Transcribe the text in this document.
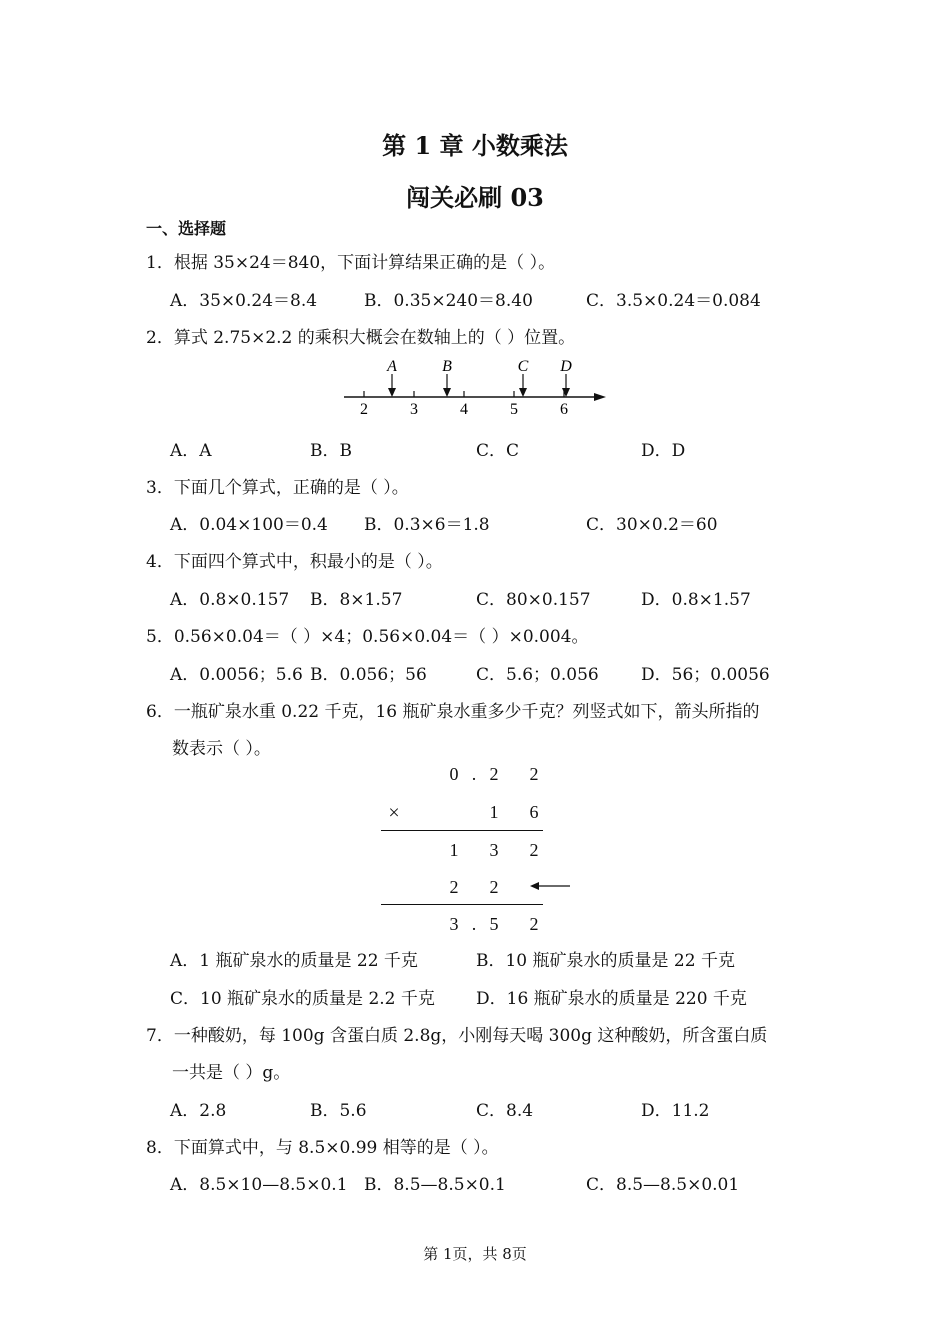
第 1 章 小数乘法
闯关必刷 03
一、选择题
1．根据 35×24＝840，下面计算结果正确的是（ ）。
A．35×0.24＝8.4	B．0.35×240＝8.40	C．3.5×0.24＝0.084
2．算式 2.75×2.2 的乘积大概会在数轴上的（ ）位置。
2	3	4	5	6
A	B	C D
A．A	B．B	C．C	D．D
3．下面几个算式，正确的是（ ）。
A．0.04×100＝0.4 B．0.3×6＝1.8	C．30×0.2＝60
4．下面四个算式中，积最小的是（ ）。
A．0.8×0.157 B．8×1.57	C．80×0.157	D．0.8×1.57
5．0.56×0.04＝（ ）×4；0.56×0.04＝（ ）×0.004。
A．0.0056；5.6 B．0.056；56	C．5.6；0.056 D．56；0.0056
6．一瓶矿泉水重 0.22 千克，16 瓶矿泉水重多少千克？列竖式如下，箭头所指的
数表示（ ）。
0 . 2	2
×	1	6
1	3	2
2	2
3 . 5	2
A．1 瓶矿泉水的质量是 22 千克	B．10 瓶矿泉水的质量是 22 千克
C．10 瓶矿泉水的质量是 2.2 千克 D．16 瓶矿泉水的质量是 220 千克
7．一种酸奶，每 100g 含蛋白质 2.8g，小刚每天喝 300g 这种酸奶，所含蛋白质
一共是（ ）g。
A．2.8	B．5.6	C．8.4	D．11.2
8．下面算式中，与 8.5×0.99 相等的是（ ）。
A．8.5×10—8.5×0.1 B．8.5—8.5×0.1	C．8.5—8.5×0.01
第 1页，共 8页
